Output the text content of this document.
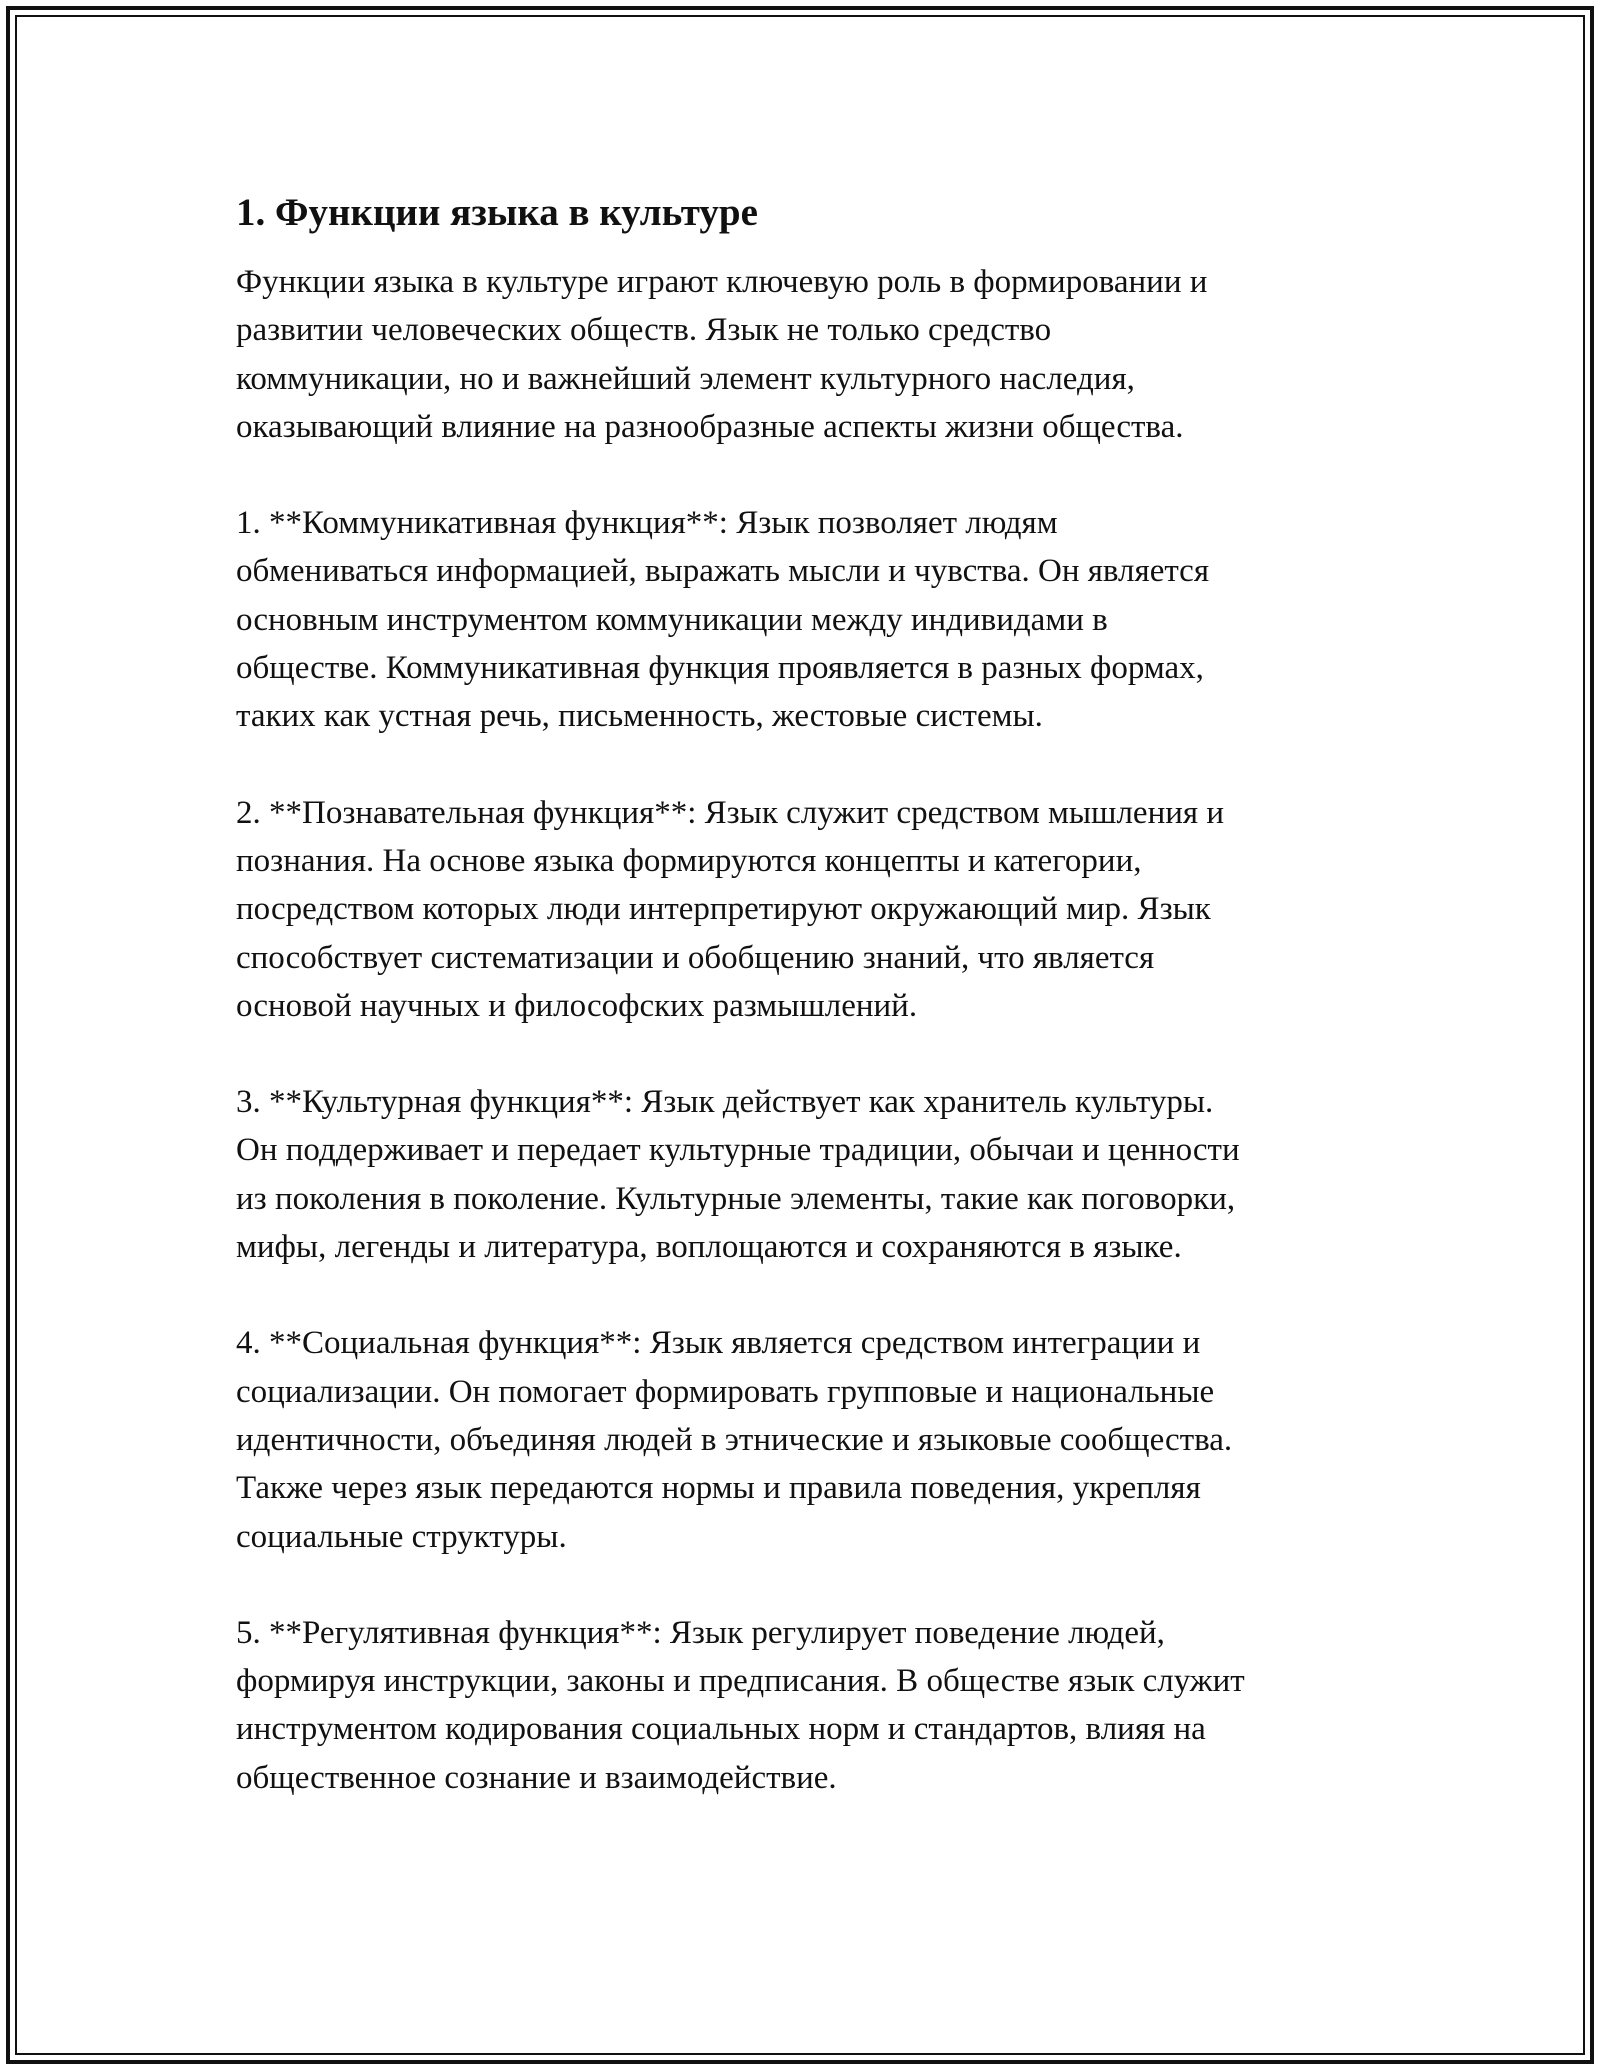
1. Функции языка в культуре
Функции языка в культуре играют ключевую роль в формировании и
развитии человеческих обществ. Язык не только средство
коммуникации, но и важнейший элемент культурного наследия,
оказывающий влияние на разнообразные аспекты жизни общества.
1. **Коммуникативная функция**: Язык позволяет людям
обмениваться информацией, выражать мысли и чувства. Он является
основным инструментом коммуникации между индивидами в
обществе. Коммуникативная функция проявляется в разных формах,
таких как устная речь, письменность, жестовые системы.
2. **Познавательная функция**: Язык служит средством мышления и
познания. На основе языка формируются концепты и категории,
посредством которых люди интерпретируют окружающий мир. Язык
способствует систематизации и обобщению знаний, что является
основой научных и философских размышлений.
3. **Культурная функция**: Язык действует как хранитель культуры.
Он поддерживает и передает культурные традиции, обычаи и ценности
из поколения в поколение. Культурные элементы, такие как поговорки,
мифы, легенды и литература, воплощаются и сохраняются в языке.
4. **Социальная функция**: Язык является средством интеграции и
социализации. Он помогает формировать групповые и национальные
идентичности, объединяя людей в этнические и языковые сообщества.
Также через язык передаются нормы и правила поведения, укрепляя
социальные структуры.
5. **Регулятивная функция**: Язык регулирует поведение людей,
формируя инструкции, законы и предписания. В обществе язык служит
инструментом кодирования социальных норм и стандартов, влияя на
общественное сознание и взаимодействие.
